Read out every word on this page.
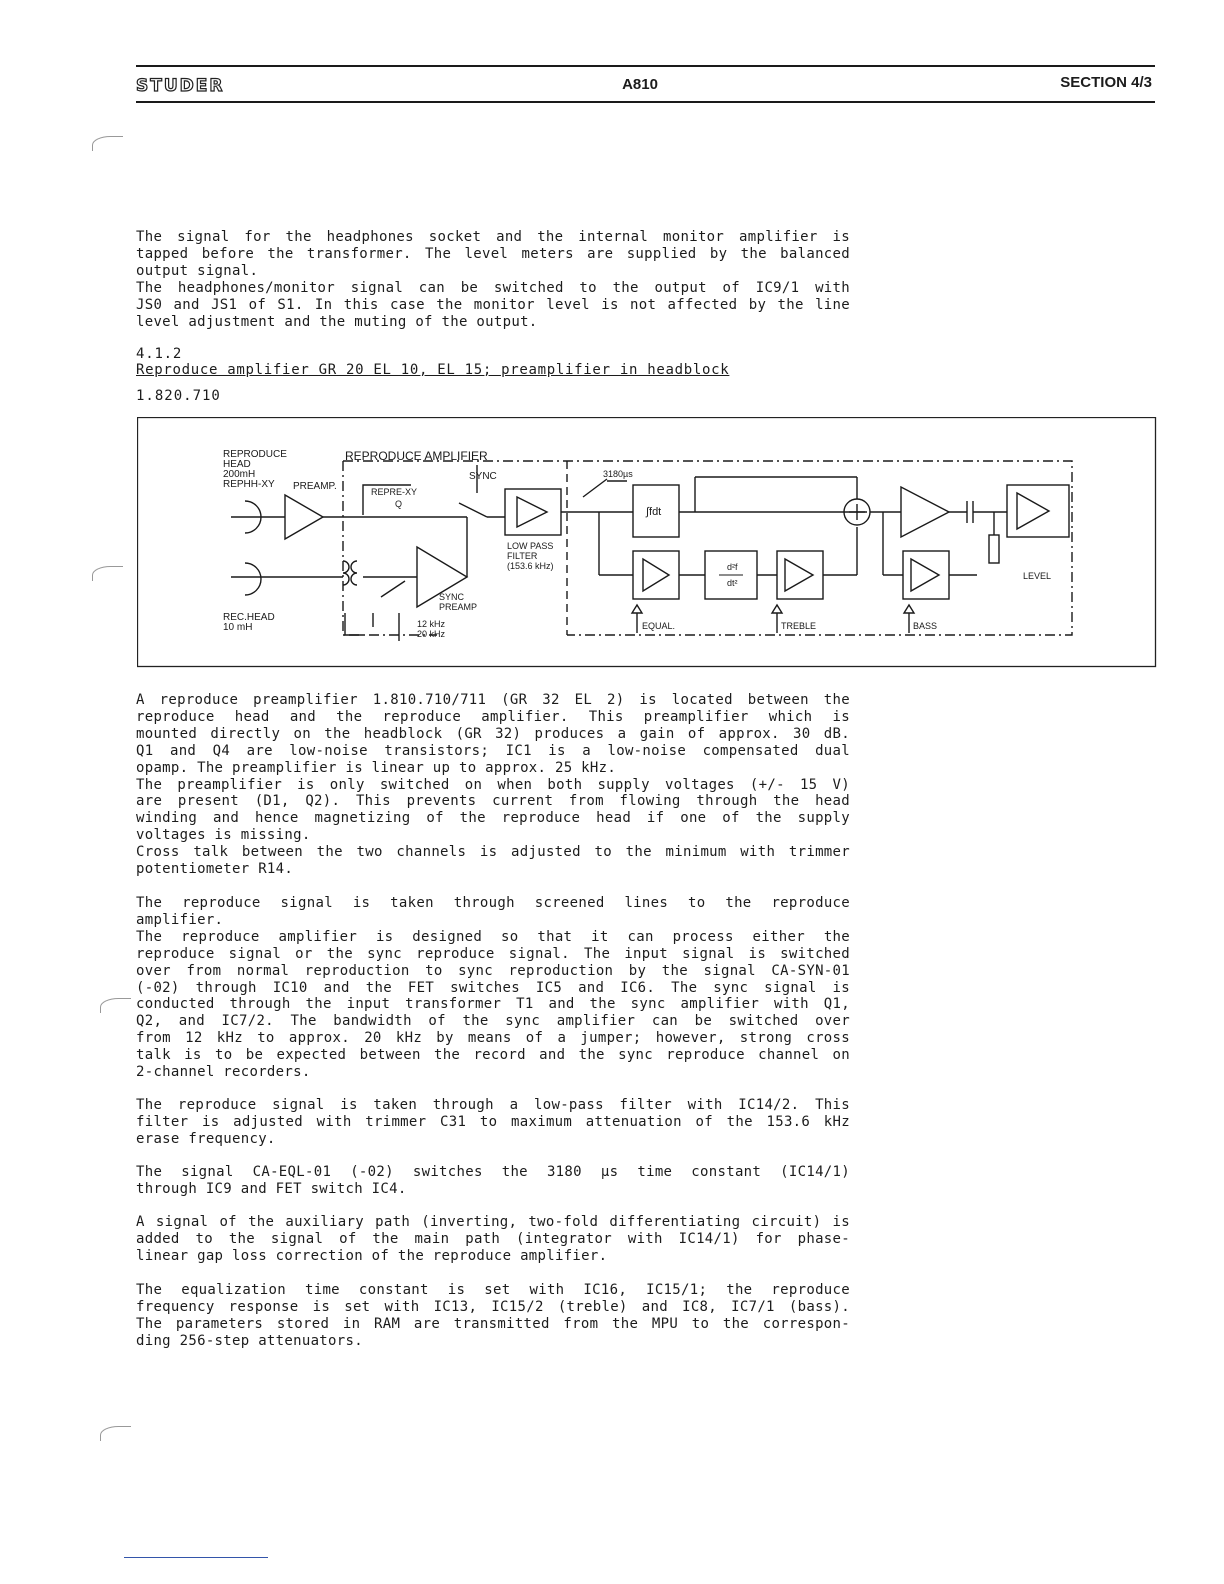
STUDER	A810	SECTION 4/3
The signal for the headphones socket and the internal monitor amplifier is
tapped before the transformer. The level meters are supplied by the balanced
output signal.
The headphones/monitor signal can be switched to the output of IC9/1 with
JS0 and JS1 of S1. In this case the monitor level is not affected by the line
level adjustment and the muting of the output.
4.1.2
Reproduce amplifier GR 20 EL 10, EL 15; preamplifier in headblock
1.820.710
REPRODUCE
HEAD
200mH
REPHH-XY PREAMP.
REPRODUCE AMPLIFIER
SYNC
REPRE-XY
Q
3180µs
LOW PASS
FILTER
(153.6 kHz)
SYNC
PREAMP
REC.HEAD
10 mH	12 kHz
20 kHz
EQUAL.	TREBLE	BASS
LEVEL
∫fdt
d²f
dt²
A reproduce preamplifier 1.810.710/711 (GR 32 EL 2) is located between the
reproduce head and the reproduce amplifier. This preamplifier which is
mounted directly on the headblock (GR 32) produces a gain of approx. 30 dB.
Q1 and Q4 are low-noise transistors; IC1 is a low-noise compensated dual
opamp. The preamplifier is linear up to approx. 25 kHz.
The preamplifier is only switched on when both supply voltages (+/- 15 V)
are present (D1, Q2). This prevents current from flowing through the head
winding and hence magnetizing of the reproduce head if one of the supply
voltages is missing.
Cross talk between the two channels is adjusted to the minimum with trimmer
potentiometer R14.
The reproduce signal is taken through screened lines to the reproduce
amplifier.
The reproduce amplifier is designed so that it can process either the
reproduce signal or the sync reproduce signal. The input signal is switched
over from normal reproduction to sync reproduction by the signal CA-SYN-01
(-02) through IC10 and the FET switches IC5 and IC6. The sync signal is
conducted through the input transformer T1 and the sync amplifier with Q1,
Q2, and IC7/2. The bandwidth of the sync amplifier can be switched over
from 12 kHz to approx. 20 kHz by means of a jumper; however, strong cross
talk is to be expected between the record and the sync reproduce channel on
2-channel recorders.
The reproduce signal is taken through a low-pass filter with IC14/2. This
filter is adjusted with trimmer C31 to maximum attenuation of the 153.6 kHz
erase frequency.
The signal CA-EQL-01 (-02) switches the 3180 µs time constant (IC14/1)
through IC9 and FET switch IC4.
A signal of the auxiliary path (inverting, two-fold differentiating circuit) is
added to the signal of the main path (integrator with IC14/1) for phase-
linear gap loss correction of the reproduce amplifier.
The equalization time constant is set with IC16, IC15/1; the reproduce
frequency response is set with IC13, IC15/2 (treble) and IC8, IC7/1 (bass).
The parameters stored in RAM are transmitted from the MPU to the correspon-
ding 256-step attenuators.
